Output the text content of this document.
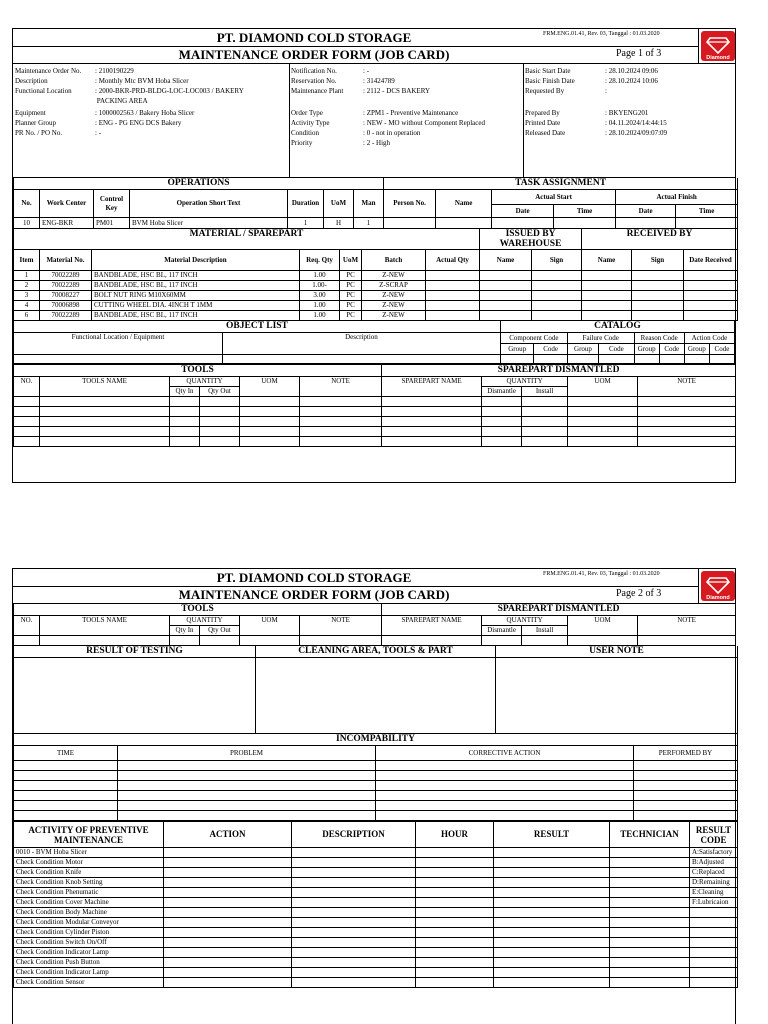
PT. DIAMOND COLD STORAGE
MAINTENANCE ORDER FORM (JOB CARD)
FRM.ENG.01.41, Rev. 03, Tanggal : 01.03.2020
Page 1 of 3	Diamond
Maintenance Order No. : 2100190229
Description	: Monthly Mtc BVM Hoba Slicer
Functional Location	: 2000-BKR-PRD-BLDG-LOC-LOC003 / BAKERY
PACKING AREA
Equipment	: 1000002563 / Bakery Hoba Slicer
Planner Group	: ENG - PG ENG DCS Bakery
PR No. / PO No.	: -
Notification No.	: -
Reservation No.	: 31424789
Maintenance Plant	: 2112 - DCS BAKERY

Order Type	: ZPM1 - Preventive Maintenance
Activity Type	: NEW - MO without Component Replaced
Condition	: 0 - not in operation
Priority	: 2 - High
Basic Start Date	: 28.10.2024 09:06
Basic Finish Date	: 28.10.2024 10:06
Requested By	:

Prepared By	: BKYENG201
Printed Date	: 04.11.2024/14:44:15
Released Date	: 28.10.2024/09:07:09
OPERATIONS							TASK ASSIGNMENT					
No.	Work Center	Control Key	Operation Short Text	Duration	UoM	Man	Person No.	Name	Actual Start		Actual Finish	
									Date	Time	Date	Time
10	ENG-BKR	PM01	BVM Hoba Slicer	1	H	1						
MATERIAL / SPAREPART							ISSUED BY WAREHOUSE		RECEIVED BY		
Item	Material No.	Material Description	Req. Qty	UoM	Batch	Actual Qty	Name	Sign	Name	Sign	Date Received
1	70022289	BANDBLADE, HSC BL, 117 INCH	1.00	PC	Z-NEW						
2	70022289	BANDBLADE, HSC BL, 117 INCH	1.00-	PC	Z-SCRAP						
3	70008227	BOLT NUT RING M10X60MM	3.00	PC	Z-NEW						
4	70006898	CUTTING WHEEL DIA. 4INCH T 1MM	1.00	PC	Z-NEW						
6	70022289	BANDBLADE, HSC BL, 117 INCH	1.00	PC	Z-NEW						
OBJECT LIST		CATALOG							
Functional Location / Equipment	Description	Component Code		Failure Code		Reason Code		Action Code	
		Group	Code	Group	Code	Group	Code	Group	Code

TOOLS						SPAREPART DISMANTLED				
NO.	TOOLS NAME	QUANTITY		UOM	NOTE	SPAREPART NAME	QUANTITY		UOM	NOTE
		Qty In	Qty Out				Dismantle	Install		

PT. DIAMOND COLD STORAGE
MAINTENANCE ORDER FORM (JOB CARD)
FRM.ENG.01.41, Rev. 03, Tanggal : 01.03.2020
Page 2 of 3	Diamond
TOOLS						SPAREPART DISMANTLED				
NO.	TOOLS NAME	QUANTITY		UOM	NOTE	SPAREPART NAME	QUANTITY		UOM	NOTE
		Qty In	Qty Out				Dismantle	Install		

RESULT OF TESTING	CLEANING AREA, TOOLS & PART	USER NOTE

INCOMPABILITY			
TIME	PROBLEM	CORRECTIVE ACTION	PERFORMED BY

ACTIVITY OF PREVENTIVE MAINTENANCE	ACTION	DESCRIPTION	HOUR	RESULT	TECHNICIAN	RESULT CODE
0010 - BVM Hoba Slicer						A:Satisfactory
Check Condition Motor						B:Adjusted
Check Condition Knife						C:Replaced
Check Condition Knob Setting						D:Remaining
Check Condition Phenumatic						E:Cleaning
Check Condition Cover Machine						F:Lubricaion
Check Condition Body Machine						
Check Condition Modular Conveyor						
Check Condition Cylinder Piston						
Check Condition Switch On/Off						
Check Condition Indicator Lamp						
Check Condition Push Button						
Check Condition Indicator Lamp						
Check Condition Sensor						
